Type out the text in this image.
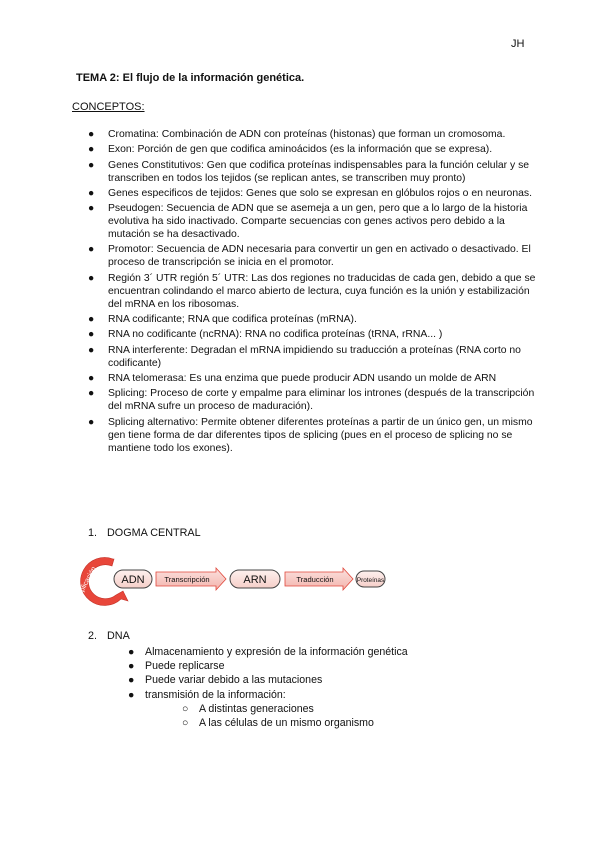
JH
TEMA 2: El flujo de la información genética.
CONCEPTOS:
● Cromatina: Combinación de ADN con proteínas (histonas) que forman un cromosoma.
● Exon: Porción de gen que codifica aminoácidos (es la información que se expresa).
● Genes Constitutivos: Gen que codifica proteínas indispensables para la función celular y se transcriben en todos los tejidos (se replican antes, se transcriben muy pronto)
● Genes especificos de tejidos: Genes que solo se expresan en glóbulos rojos o en neuronas.
● Pseudogen: Secuencia de ADN que se asemeja a un gen, pero que a lo largo de la historia evolutiva ha sido inactivado. Comparte secuencias con genes activos pero debido a la mutación se ha desactivado.
● Promotor: Secuencia de ADN necesaria para convertir un gen en activado o desactivado. El proceso de transcripción se inicia en el promotor.
● Región 3´ UTR región 5´ UTR: Las dos regiones no traducidas de cada gen, debido a que se encuentran colindando el marco abierto de lectura, cuya función es la unión y estabilización del mRNA en los ribosomas.
● RNA codificante; RNA que codifica proteínas (mRNA).
● RNA no codificante (ncRNA): RNA no codifica proteínas (tRNA, rRNA... )
● RNA interferente: Degradan el mRNA impidiendo su traducción a proteínas (RNA corto no codificante)
● RNA telomerasa: Es una enzima que puede producir ADN usando un molde de ARN
● Splicing: Proceso de corte y empalme para eliminar los intrones (después de la transcripción del mRNA sufre un proceso de maduración).
● Splicing alternativo: Permite obtener diferentes proteínas a partir de un único gen, un mismo gen tiene forma de dar diferentes tipos de splicing (pues en el proceso de splicing no se mantiene todo los exones).
1. DOGMA CENTRAL
Replicación ADN	Transcripción	ARN	Traducción	Proteínas
2. DNA
● Almacenamiento y expresión de la información genética
● Puede replicarse
● Puede variar debido a las mutaciones
● transmisión de la información:
○ A distintas generaciones
○ A las células de un mismo organismo
